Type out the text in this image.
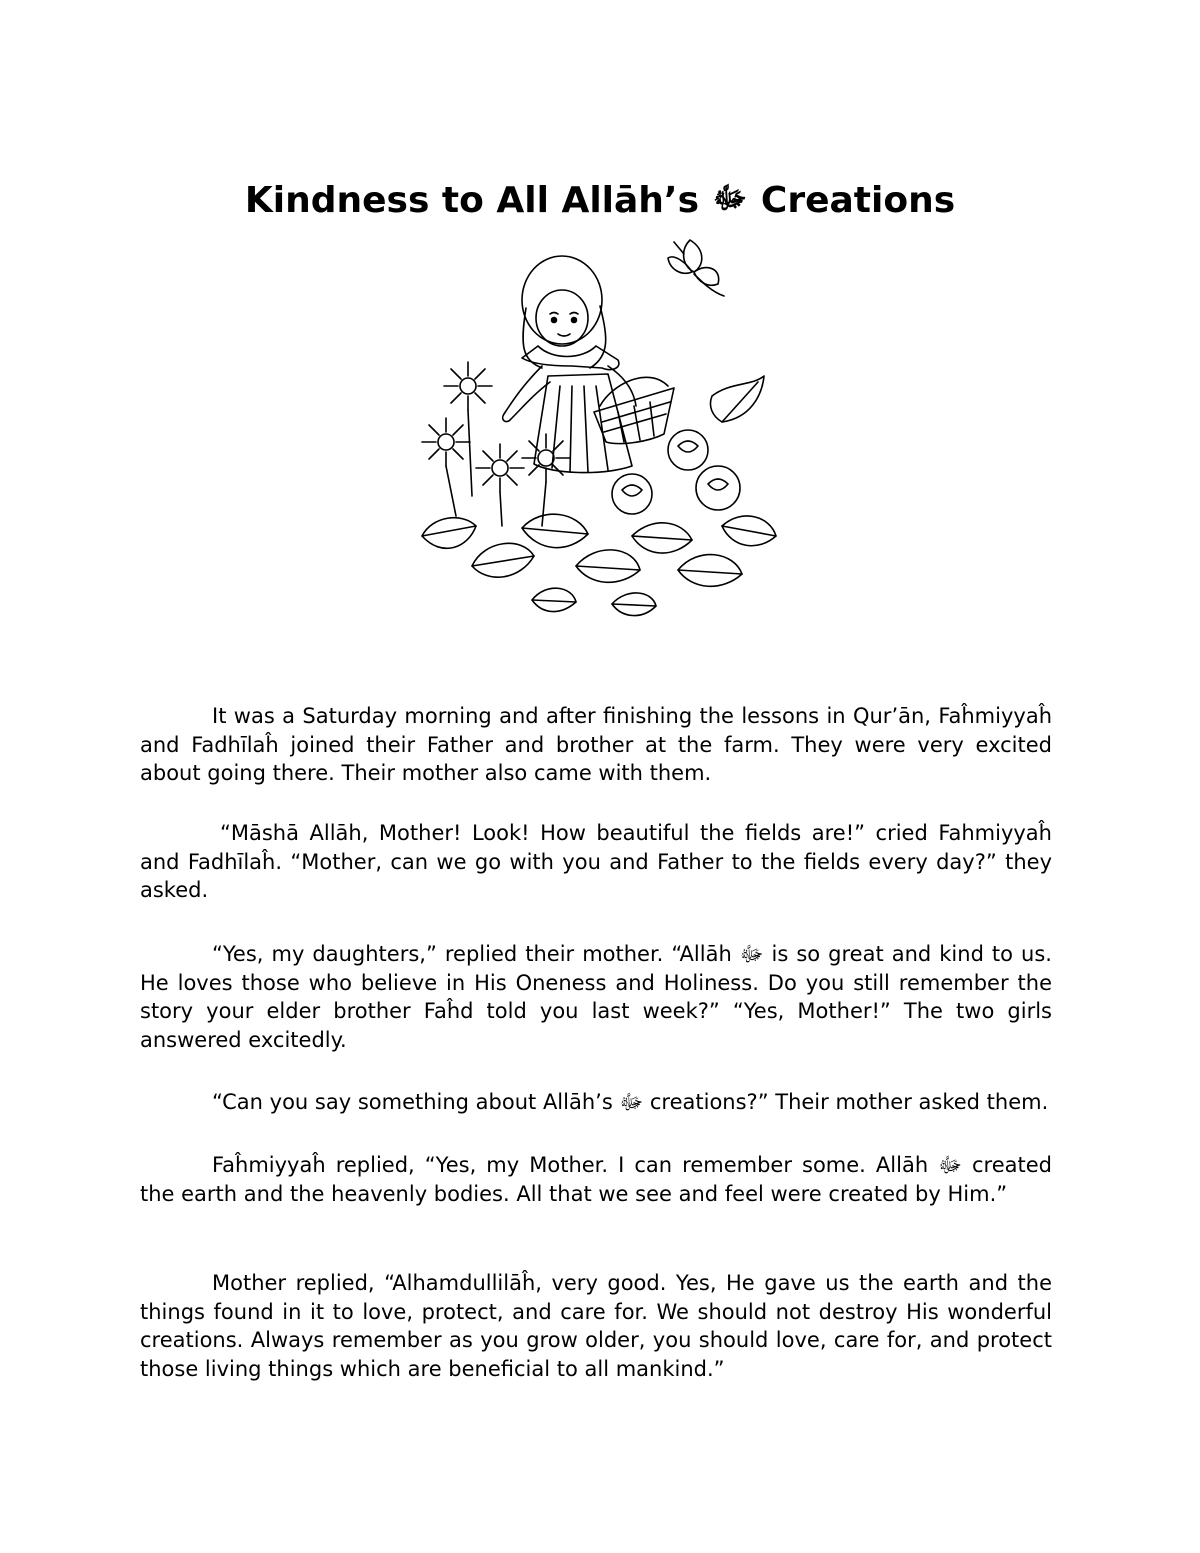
Kindness to All Allāh’s ﷻ Creations

It was a Saturday morning and after finishing the lessons in Qur’ān, Faĥmiyyaĥ and Fadhīlaĥ joined their Father and brother at the farm. They were very excited about going there. Their mother also came with them.

“Māshā Allāh, Mother! Look! How beautiful the fields are!” cried Fahmiyyaĥ and Fadhīlaĥ. “Mother, can we go with you and Father to the fields every day?” they asked.

“Yes, my daughters,” replied their mother. “Allāh ﷻ is so great and kind to us. He loves those who believe in His Oneness and Holiness. Do you still remember the story your elder brother Faĥd told you last week?” “Yes, Mother!” The two girls answered excitedly.

“Can you say something about Allāh’s ﷻ creations?” Their mother asked them.

Faĥmiyyaĥ replied, “Yes, my Mother. I can remember some. Allāh ﷻ created the earth and the heavenly bodies. All that we see and feel were created by Him.”

Mother replied, “Alhamdullilāĥ, very good. Yes, He gave us the earth and the things found in it to love, protect, and care for. We should not destroy His wonderful creations. Always remember as you grow older, you should love, care for, and protect those living things which are beneficial to all mankind.”
